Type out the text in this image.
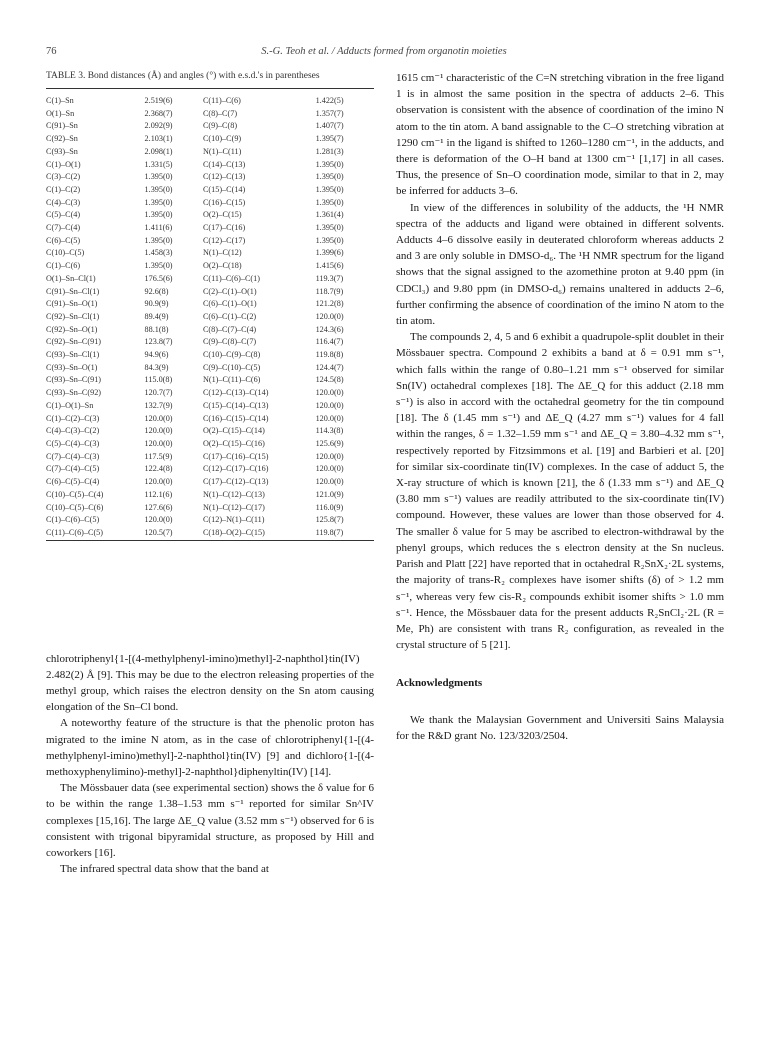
76	S.-G. Teoh et al. / Adducts formed from organotin moieties

TABLE 3. Bond distances (Å) and angles (°) with e.s.d.'s in parentheses

C(1)–Sn	2.519(6)	C(11)–C(6)	1.422(5)
O(1)–Sn	2.368(7)	C(8)–C(7)	1.357(7)
C(91)–Sn	2.092(9)	C(9)–C(8)	1.407(7)
C(92)–Sn	2.103(1)	C(10)–C(9)	1.395(7)
C(93)–Sn	2.098(1)	N(1)–C(11)	1.281(3)
C(1)–O(1)	1.331(5)	C(14)–C(13)	1.395(0)
C(3)–C(2)	1.395(0)	C(12)–C(13)	1.395(0)
C(1)–C(2)	1.395(0)	C(15)–C(14)	1.395(0)
C(4)–C(3)	1.395(0)	C(16)–C(15)	1.395(0)
C(5)–C(4)	1.395(0)	O(2)–C(15)	1.361(4)
C(7)–C(4)	1.411(6)	C(17)–C(16)	1.395(0)
C(6)–C(5)	1.395(0)	C(12)–C(17)	1.395(0)
C(10)–C(5)	1.458(3)	N(1)–C(12)	1.399(6)
C(1)–C(6)	1.395(0)	O(2)–C(18)	1.415(6)
O(1)–Sn–Cl(1)	176.5(6)	C(11)–C(6)–C(1)	119.3(7)
C(91)–Sn–Cl(1)	92.6(8)	C(2)–C(1)–O(1)	118.7(9)
C(91)–Sn–O(1)	90.9(9)	C(6)–C(1)–O(1)	121.2(8)
C(92)–Sn–Cl(1)	89.4(9)	C(6)–C(1)–C(2)	120.0(0)
C(92)–Sn–O(1)	88.1(8)	C(8)–C(7)–C(4)	124.3(6)
C(92)–Sn–C(91)	123.8(7)	C(9)–C(8)–C(7)	116.4(7)
C(93)–Sn–Cl(1)	94.9(6)	C(10)–C(9)–C(8)	119.8(8)
C(93)–Sn–O(1)	84.3(9)	C(9)–C(10)–C(5)	124.4(7)
C(93)–Sn–C(91)	115.0(8)	N(1)–C(11)–C(6)	124.5(8)
C(93)–Sn–C(92)	120.7(7)	C(12)–C(13)–C(14)	120.0(0)
C(1)–O(1)–Sn	132.7(9)	C(15)–C(14)–C(13)	120.0(0)
C(1)–C(2)–C(3)	120.0(0)	C(16)–C(15)–C(14)	120.0(0)
C(4)–C(3)–C(2)	120.0(0)	O(2)–C(15)–C(14)	114.3(8)
C(5)–C(4)–C(3)	120.0(0)	O(2)–C(15)–C(16)	125.6(9)
C(7)–C(4)–C(3)	117.5(9)	C(17)–C(16)–C(15)	120.0(0)
C(7)–C(4)–C(5)	122.4(8)	C(12)–C(17)–C(16)	120.0(0)
C(6)–C(5)–C(4)	120.0(0)	C(17)–C(12)–C(13)	120.0(0)
C(10)–C(5)–C(4)	112.1(6)	N(1)–C(12)–C(13)	121.0(9)
C(10)–C(5)–C(6)	127.6(6)	N(1)–C(12)–C(17)	116.0(9)
C(1)–C(6)–C(5)	120.0(0)	C(12)–N(1)–C(11)	125.8(7)
C(11)–C(6)–C(5)	120.5(7)	C(18)–O(2)–C(15)	119.8(7)

chlorotriphenyl{1-[(4-methylphenyl-imino)methyl]-2-naphthol}tin(IV) 2.482(2) Å [9]. This may be due to the electron releasing properties of the methyl group, which raises the electron density on the Sn atom causing elongation of the Sn–Cl bond.

A noteworthy feature of the structure is that the phenolic proton has migrated to the imine N atom, as in the case of chlorotriphenyl{1-[(4-methylphenyl-imino)methyl]-2-naphthol}tin(IV) [9] and dichloro{1-[(4-methoxyphenylimino)-methyl]-2-naphthol}diphenyltin(IV) [14].

The Mössbauer data (see experimental section) shows the δ value for 6 to be within the range 1.38–1.53 mm s⁻¹ reported for similar Sn^IV complexes [15,16]. The large ΔE_Q value (3.52 mm s⁻¹) observed for 6 is consistent with trigonal bipyramidal structure, as proposed by Hill and coworkers [16].

The infrared spectral data show that the band at

1615 cm⁻¹ characteristic of the C=N stretching vibration in the free ligand 1 is in almost the same position in the spectra of adducts 2–6. This observation is consistent with the absence of coordination of the imino N atom to the tin atom. A band assignable to the C–O stretching vibration at 1290 cm⁻¹ in the ligand is shifted to 1260–1280 cm⁻¹, in the adducts, and there is deformation of the O–H band at 1300 cm⁻¹ [1,17] in all cases. Thus, the presence of Sn–O coordination mode, similar to that in 2, may be inferred for adducts 3–6.

In view of the differences in solubility of the adducts, the ¹H NMR spectra of the adducts and ligand were obtained in different solvents. Adducts 4–6 dissolve easily in deuterated chloroform whereas adducts 2 and 3 are only soluble in DMSO-d₆. The ¹H NMR spectrum for the ligand shows that the signal assigned to the azomethine proton at 9.40 ppm (in CDCl₃) and 9.80 ppm (in DMSO-d₆) remains unaltered in adducts 2–6, further confirming the absence of coordination of the imino N atom to the tin atom.

The compounds 2, 4, 5 and 6 exhibit a quadrupole-split doublet in their Mössbauer spectra. Compound 2 exhibits a band at δ = 0.91 mm s⁻¹, which falls within the range of 0.80–1.21 mm s⁻¹ observed for similar Sn(IV) octahedral complexes [18]. The ΔE_Q for this adduct (2.18 mm s⁻¹) is also in accord with the octahedral geometry for the tin compound [18]. The δ (1.45 mm s⁻¹) and ΔE_Q (4.27 mm s⁻¹) values for 4 fall within the ranges, δ = 1.32–1.59 mm s⁻¹ and ΔE_Q = 3.80–4.32 mm s⁻¹, respectively reported by Fitzsimmons et al. [19] and Barbieri et al. [20] for similar six-coordinate tin(IV) complexes. In the case of adduct 5, the X-ray structure of which is known [21], the δ (1.33 mm s⁻¹) and ΔE_Q (3.80 mm s⁻¹) values are readily attributed to the six-coordinate tin(IV) compound. However, these values are lower than those observed for 4. The smaller δ value for 5 may be ascribed to electron-withdrawal by the phenyl groups, which reduces the s electron density at the Sn nucleus. Parish and Platt [22] have reported that in octahedral R₂SnX₂·2L systems, the majority of trans-R₂ complexes have isomer shifts (δ) of > 1.2 mm s⁻¹, whereas very few cis-R₂ compounds exhibit isomer shifts > 1.0 mm s⁻¹. Hence, the Mössbauer data for the present adducts R₂SnCl₂·2L (R = Me, Ph) are consistent with trans R₂ configuration, as revealed in the crystal structure of 5 [21].

Acknowledgments

We thank the Malaysian Government and Universiti Sains Malaysia for the R&D grant No. 123/3203/2504.
